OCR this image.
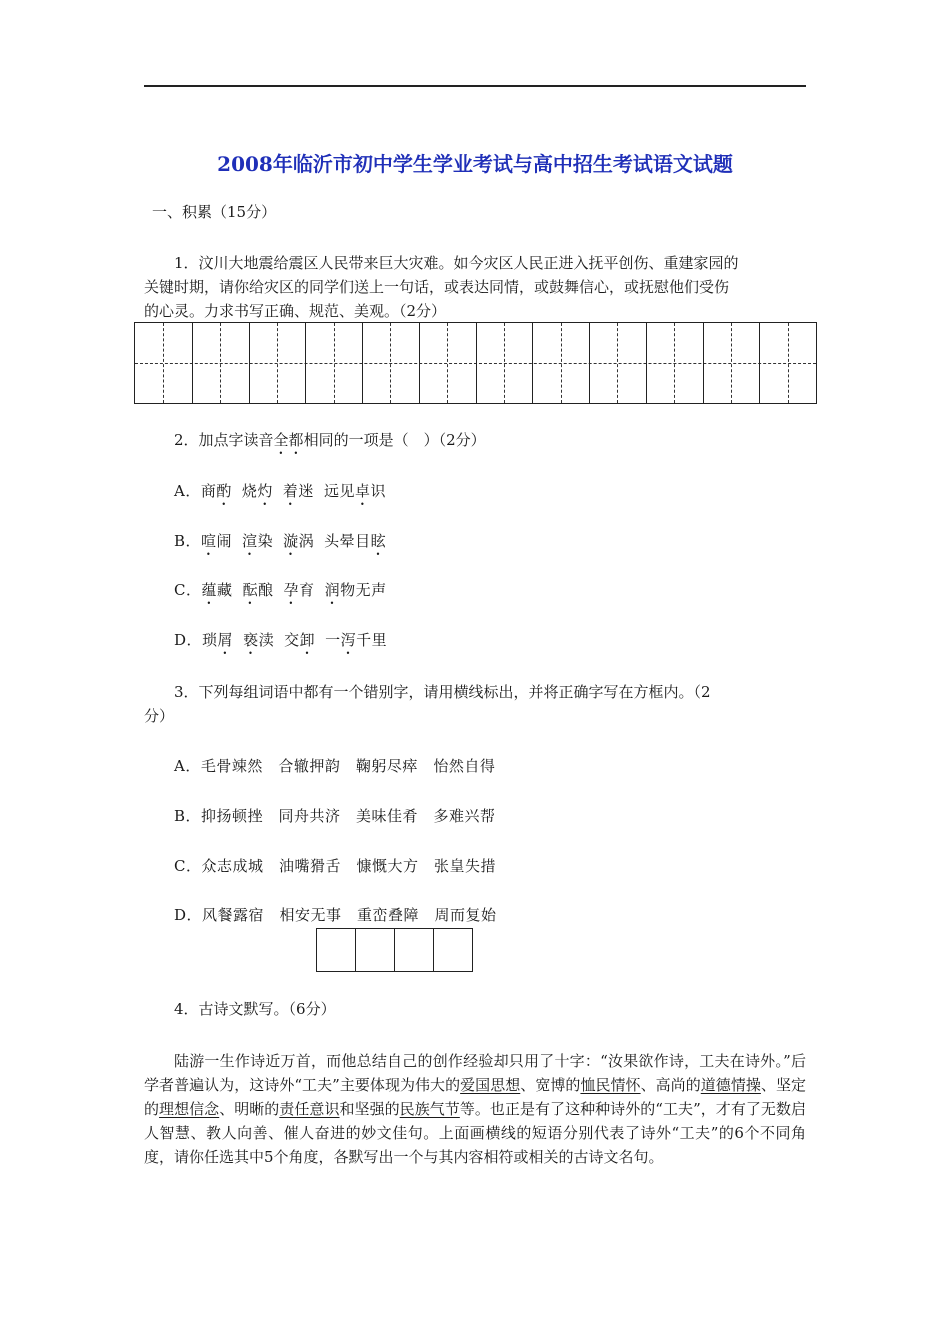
2008年临沂市初中学生学业考试与高中招生考试语文试题
一、积累（15分）
1．汶川大地震给震区人民带来巨大灾难。如今灾区人民正进入抚平创伤、重建家园的
关键时期，请你给灾区的同学们送上一句话，或表达同情，或鼓舞信心，或抚慰他们受伤
的心灵。力求书写正确、规范、美观。（2分）
2．加点字读音全都相同的一项是（　）（2分）
A．商酌 烧灼 着迷 远见卓识
B．喧闹 渲染 漩涡 头晕目眩
C．蕴藏 酝酿 孕育 润物无声
D．琐屑 亵渎 交卸 一泻千里
3．下列每组词语中都有一个错别字，请用横线标出，并将正确字写在方框内。（2
分）
A．毛骨竦然　合辙押韵　鞠躬尽瘁　怡然自得
B．抑扬顿挫　同舟共济　美味佳肴　多难兴帮
C．众志成城　油嘴猾舌　慷慨大方　张皇失措
D．风餐露宿　相安无事　重峦叠障　周而复始
4．古诗文默写。（6分）
陆游一生作诗近万首，而他总结自己的创作经验却只用了十字：“汝果欲作诗，工夫在诗外。”后学者普遍认为，这诗外“工夫”主要体现为伟大的爱国思想、宽博的恤民情怀、高尚的道德情操、坚定的理想信念、明晰的责任意识和坚强的民族气节等。也正是有了这种种诗外的“工夫”，才有了无数启人智慧、教人向善、催人奋进的妙文佳句。上面画横线的短语分别代表了诗外“工夫”的6个不同角度，请你任选其中5个角度，各默写出一个与其内容相符或相关的古诗文名句。
